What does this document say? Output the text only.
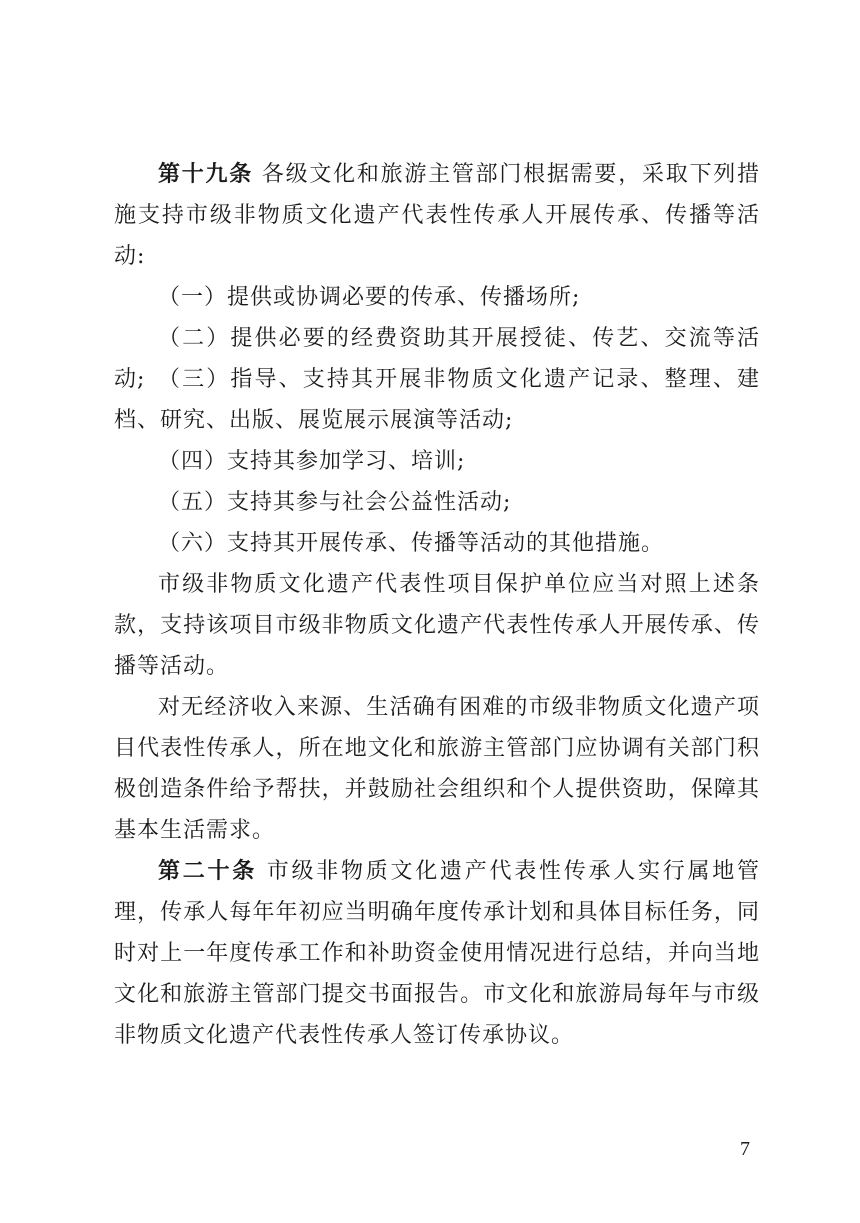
第十九条 各级文化和旅游主管部门根据需要，采取下列措施支持市级非物质文化遗产代表性传承人开展传承、传播等活动:

（一）提供或协调必要的传承、传播场所;

（二）提供必要的经费资助其开展授徒、传艺、交流等活动; （三）指导、支持其开展非物质文化遗产记录、整理、建档、研究、出版、展览展示展演等活动;

（四）支持其参加学习、培训;

（五）支持其参与社会公益性活动;

（六）支持其开展传承、传播等活动的其他措施。

市级非物质文化遗产代表性项目保护单位应当对照上述条款，支持该项目市级非物质文化遗产代表性传承人开展传承、传播等活动。

对无经济收入来源、生活确有困难的市级非物质文化遗产项目代表性传承人，所在地文化和旅游主管部门应协调有关部门积极创造条件给予帮扶，并鼓励社会组织和个人提供资助，保障其基本生活需求。

第二十条 市级非物质文化遗产代表性传承人实行属地管理，传承人每年年初应当明确年度传承计划和具体目标任务，同时对上一年度传承工作和补助资金使用情况进行总结，并向当地文化和旅游主管部门提交书面报告。市文化和旅游局每年与市级非物质文化遗产代表性传承人签订传承协议。

7
